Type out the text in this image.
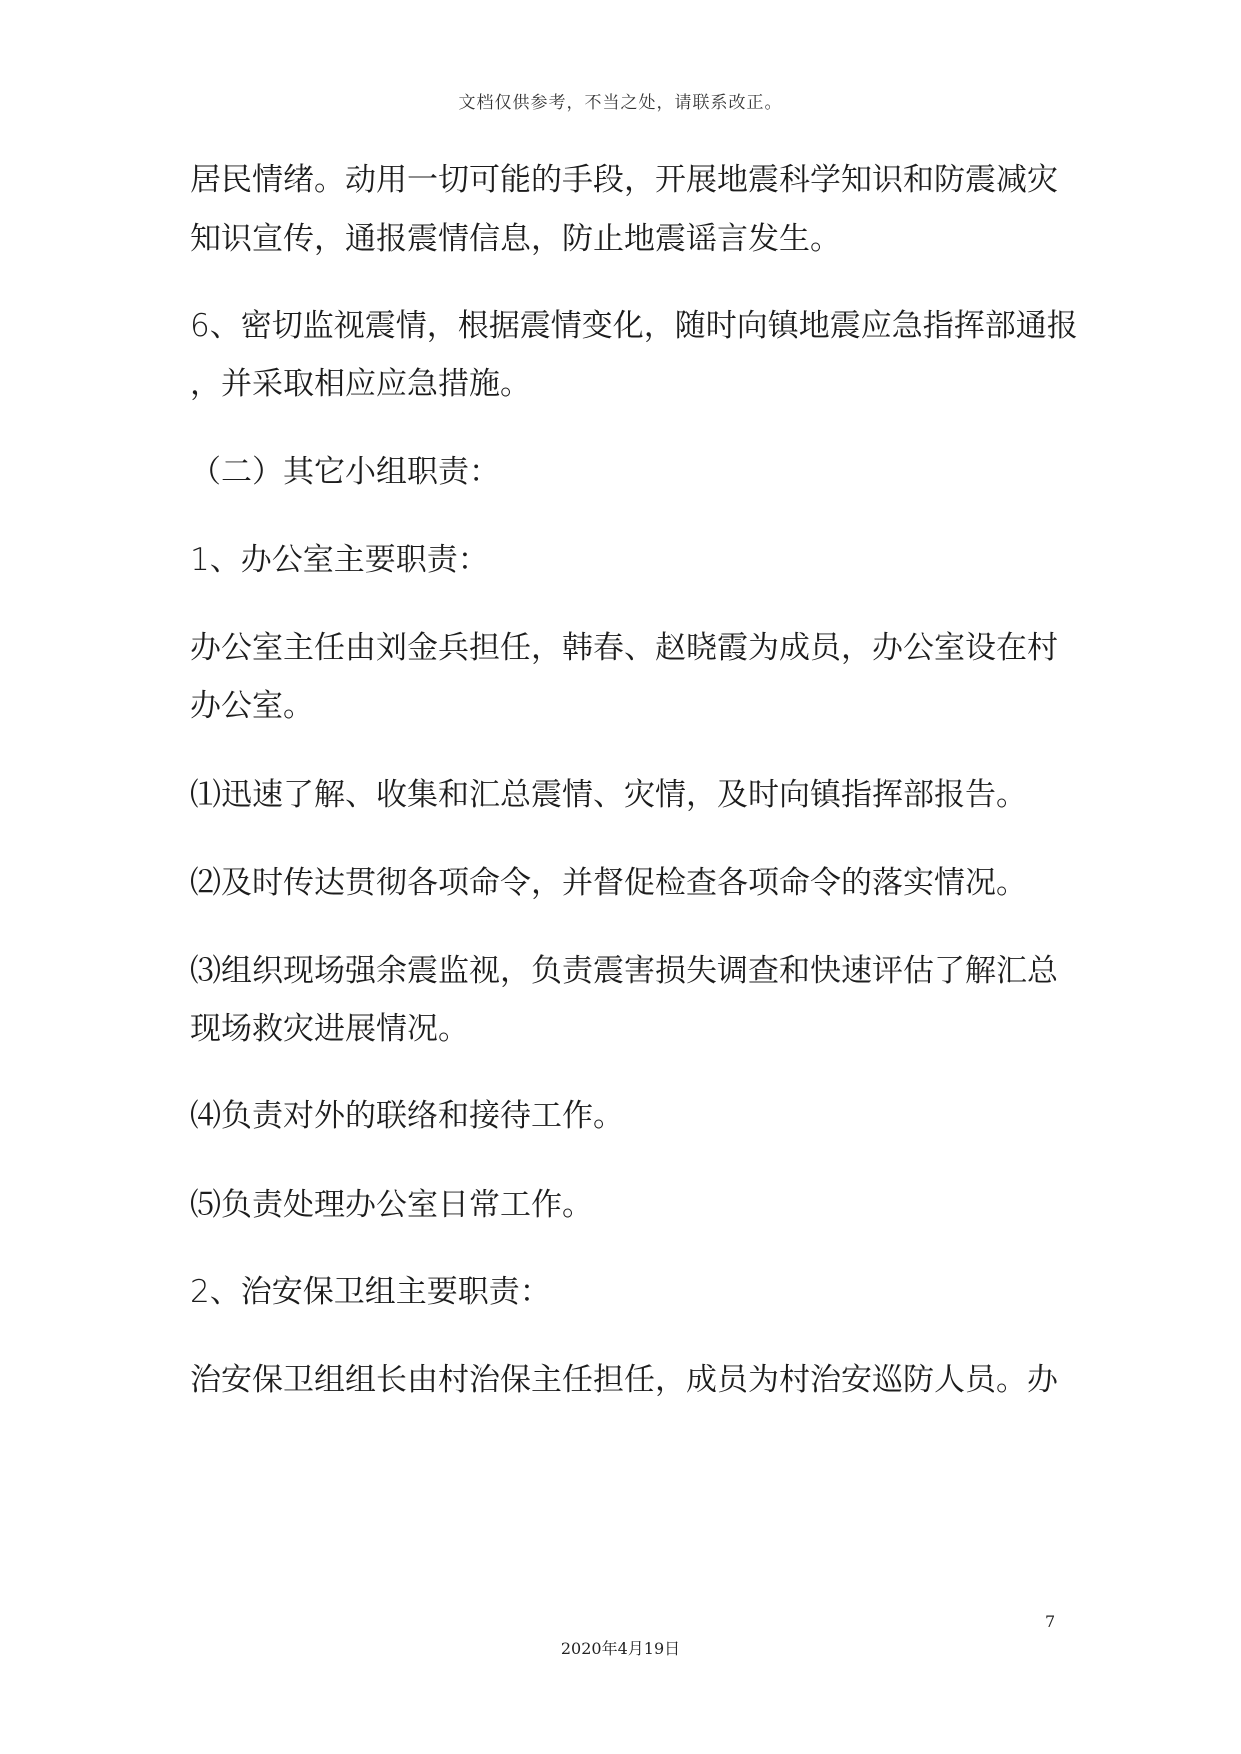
文档仅供参考，不当之处，请联系改正。
居民情绪。动用一切可能的手段，开展地震科学知识和防震减灾
知识宣传，通报震情信息，防止地震谣言发生。
6、密切监视震情，根据震情变化，随时向镇地震应急指挥部通报
，并采取相应应急措施。
（二）其它小组职责：
1、办公室主要职责：
办公室主任由刘金兵担任，韩春、赵晓霞为成员，办公室设在村
办公室。
⑴迅速了解、收集和汇总震情、灾情，及时向镇指挥部报告。
⑵及时传达贯彻各项命令，并督促检查各项命令的落实情况。
⑶组织现场强余震监视，负责震害损失调查和快速评估了解汇总
现场救灾进展情况。
⑷负责对外的联络和接待工作。
⑸负责处理办公室日常工作。
2、治安保卫组主要职责：
治安保卫组组长由村治保主任担任，成员为村治安巡防人员。办
7
2020年4月19日
